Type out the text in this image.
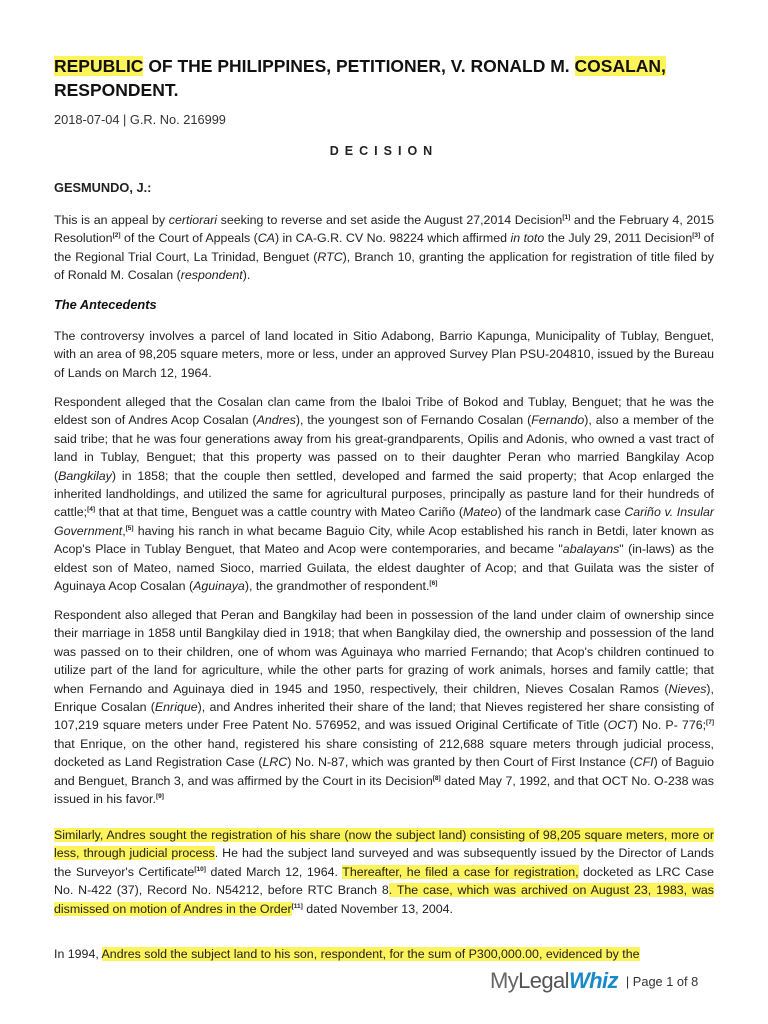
REPUBLIC OF THE PHILIPPINES, PETITIONER, V. RONALD M. COSALAN,
RESPONDENT.
2018-07-04 | G.R. No. 216999
DECISION
GESMUNDO, J.:
This is an appeal by certiorari seeking to reverse and set aside the August 27,2014 Decision[1] and the February 4, 2015 Resolution[2] of the Court of Appeals (CA) in CA-G.R. CV No. 98224 which affirmed in toto the July 29, 2011 Decision[3] of the Regional Trial Court, La Trinidad, Benguet (RTC), Branch 10, granting the application for registration of title filed by of Ronald M. Cosalan (respondent).
The Antecedents
The controversy involves a parcel of land located in Sitio Adabong, Barrio Kapunga, Municipality of Tublay, Benguet, with an area of 98,205 square meters, more or less, under an approved Survey Plan PSU-204810, issued by the Bureau of Lands on March 12, 1964.
Respondent alleged that the Cosalan clan came from the Ibaloi Tribe of Bokod and Tublay, Benguet; that he was the eldest son of Andres Acop Cosalan (Andres), the youngest son of Fernando Cosalan (Fernando), also a member of the said tribe; that he was four generations away from his great-grandparents, Opilis and Adonis, who owned a vast tract of land in Tublay, Benguet; that this property was passed on to their daughter Peran who married Bangkilay Acop (Bangkilay) in 1858; that the couple then settled, developed and farmed the said property; that Acop enlarged the inherited landholdings, and utilized the same for agricultural purposes, principally as pasture land for their hundreds of cattle;[4] that at that time, Benguet was a cattle country with Mateo Cariño (Mateo) of the landmark case Cariño v. Insular Government,[5] having his ranch in what became Baguio City, while Acop established his ranch in Betdi, later known as Acop's Place in Tublay Benguet, that Mateo and Acop were contemporaries, and became "abalayans" (in-laws) as the eldest son of Mateo, named Sioco, married Guilata, the eldest daughter of Acop; and that Guilata was the sister of Aguinaya Acop Cosalan (Aguinaya), the grandmother of respondent.[6]
Respondent also alleged that Peran and Bangkilay had been in possession of the land under claim of ownership since their marriage in 1858 until Bangkilay died in 1918; that when Bangkilay died, the ownership and possession of the land was passed on to their children, one of whom was Aguinaya who married Fernando; that Acop's children continued to utilize part of the land for agriculture, while the other parts for grazing of work animals, horses and family cattle; that when Fernando and Aguinaya died in 1945 and 1950, respectively, their children, Nieves Cosalan Ramos (Nieves), Enrique Cosalan (Enrique), and Andres inherited their share of the land; that Nieves registered her share consisting of 107,219 square meters under Free Patent No. 576952, and was issued Original Certificate of Title (OCT) No. P- 776;[7] that Enrique, on the other hand, registered his share consisting of 212,688 square meters through judicial process, docketed as Land Registration Case (LRC) No. N-87, which was granted by then Court of First Instance (CFI) of Baguio and Benguet, Branch 3, and was affirmed by the Court in its Decision[8] dated May 7, 1992, and that OCT No. O-238 was issued in his favor.[9]
Similarly, Andres sought the registration of his share (now the subject land) consisting of 98,205 square meters, more or less, through judicial process. He had the subject land surveyed and was subsequently issued by the Director of Lands the Surveyor's Certificate[10] dated March 12, 1964. Thereafter, he filed a case for registration, docketed as LRC Case No. N-422 (37), Record No. N54212, before RTC Branch 8. The case, which was archived on August 23, 1983, was dismissed on motion of Andres in the Order[11] dated November 13, 2004.
In 1994, Andres sold the subject land to his son, respondent, for the sum of P300,000.00, evidenced by the
MyLegalWhiz | Page 1 of 8
